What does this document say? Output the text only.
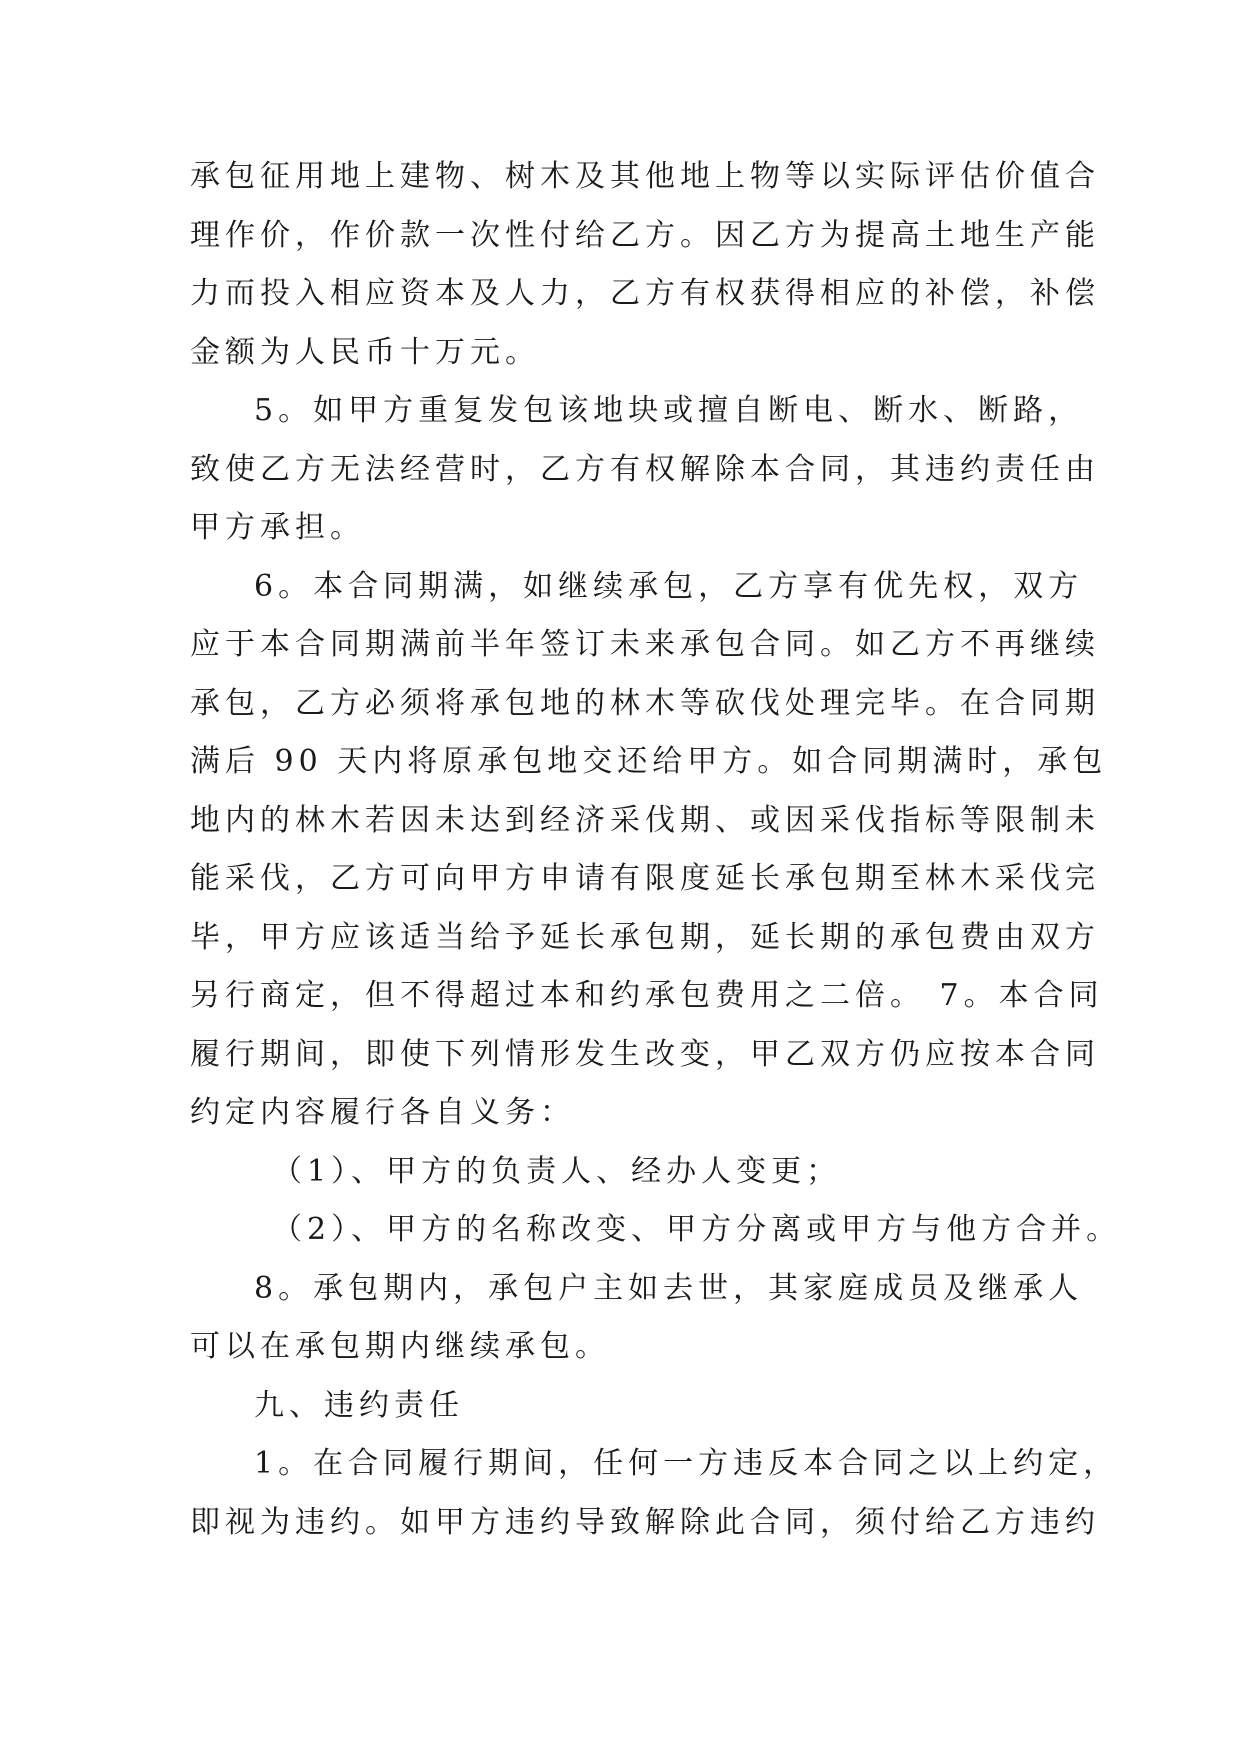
承包征用地上建物、树木及其他地上物等以实际评估价值合
理作价，作价款一次性付给乙方。因乙方为提高土地生产能
力而投入相应资本及人力，乙方有权获得相应的补偿，补偿
金额为人民币十万元。
5。如甲方重复发包该地块或擅自断电、断水、断路，
致使乙方无法经营时，乙方有权解除本合同，其违约责任由
甲方承担。
6。本合同期满，如继续承包，乙方享有优先权，双方
应于本合同期满前半年签订未来承包合同。如乙方不再继续
承包，乙方必须将承包地的林木等砍伐处理完毕。在合同期
满后 90 天内将原承包地交还给甲方。如合同期满时，承包
地内的林木若因未达到经济采伐期、或因采伐指标等限制未
能采伐，乙方可向甲方申请有限度延长承包期至林木采伐完
毕，甲方应该适当给予延长承包期，延长期的承包费由双方
另行商定，但不得超过本和约承包费用之二倍。 7。本合同
履行期间，即使下列情形发生改变，甲乙双方仍应按本合同
约定内容履行各自义务：
（1）、甲方的负责人、经办人变更；
（2）、甲方的名称改变、甲方分离或甲方与他方合并。
8。承包期内，承包户主如去世，其家庭成员及继承人
可以在承包期内继续承包。
九、违约责任
1。在合同履行期间，任何一方违反本合同之以上约定，
即视为违约。如甲方违约导致解除此合同，须付给乙方违约
